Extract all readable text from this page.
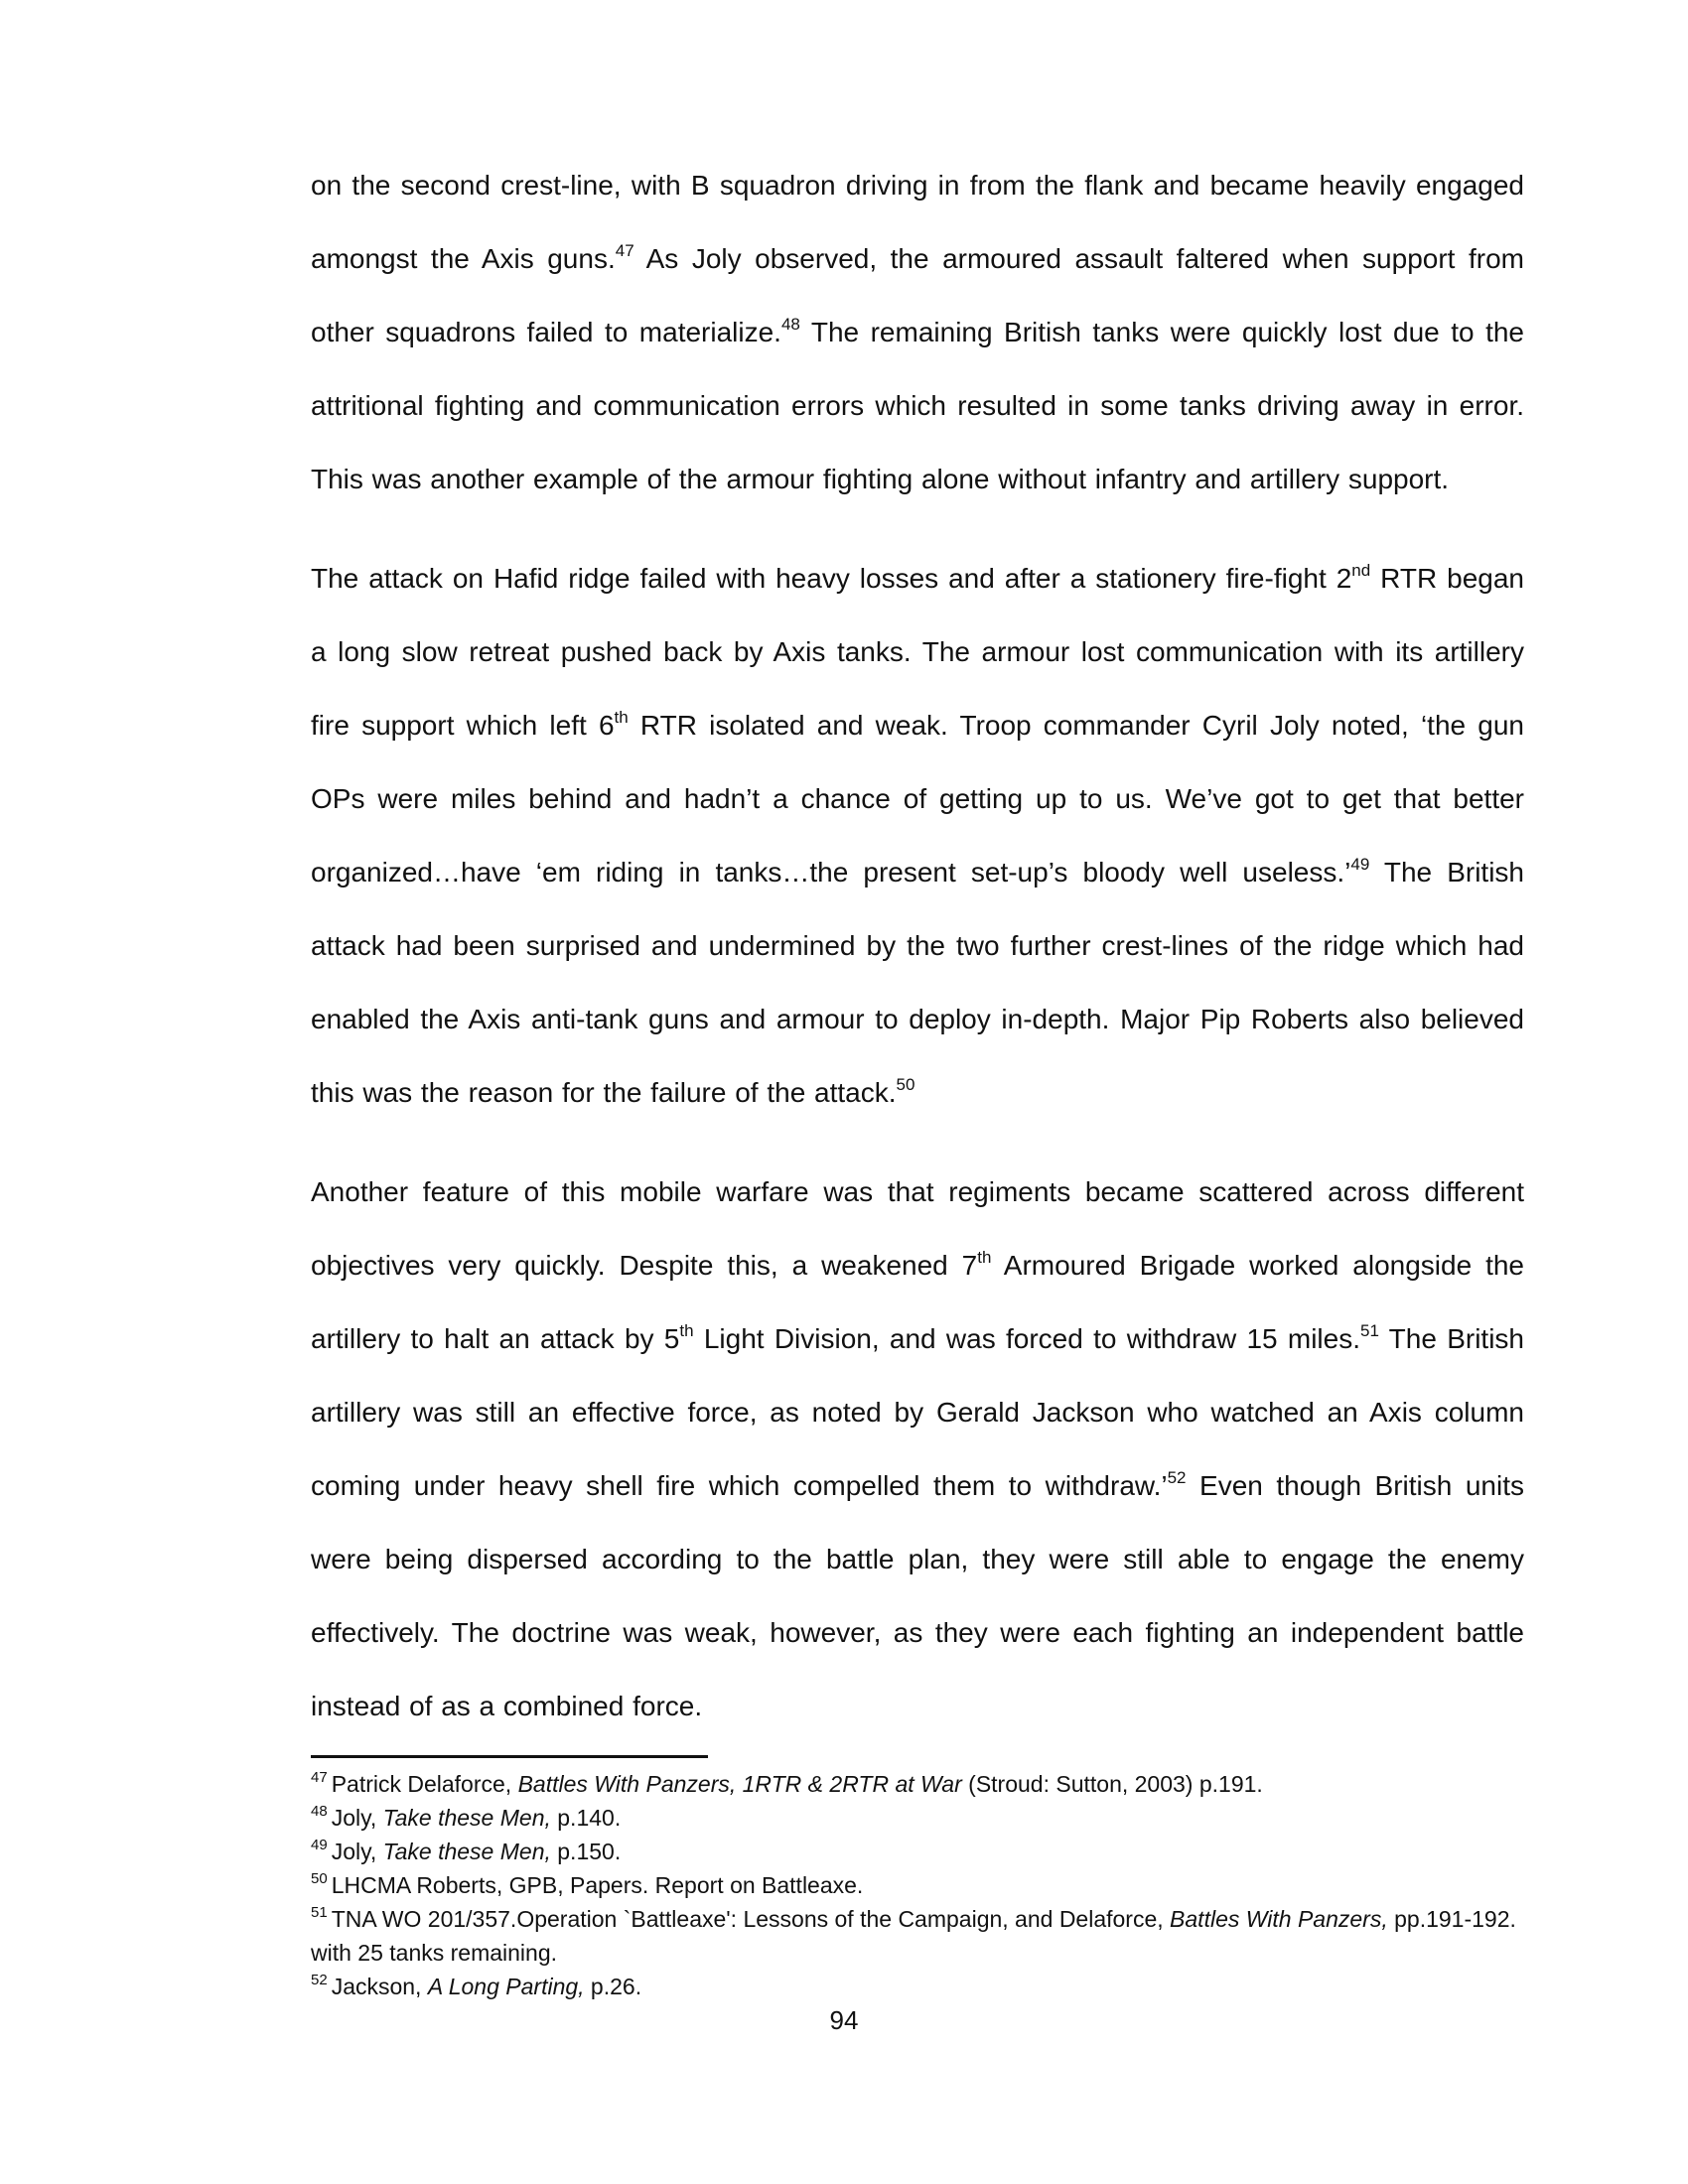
on the second crest-line, with B squadron driving in from the flank and became heavily engaged amongst the Axis guns.$^{47}$ As Joly observed, the armoured assault faltered when support from other squadrons failed to materialize.$^{48}$ The remaining British tanks were quickly lost due to the attritional fighting and communication errors which resulted in some tanks driving away in error. This was another example of the armour fighting alone without infantry and artillery support.

The attack on Hafid ridge failed with heavy losses and after a stationery fire-fight 2nd RTR began a long slow retreat pushed back by Axis tanks. The armour lost communication with its artillery fire support which left 6th RTR isolated and weak. Troop commander Cyril Joly noted, ‘the gun OPs were miles behind and hadn’t a chance of getting up to us. We’ve got to get that better organized…have ‘em riding in tanks…the present set-up’s bloody well useless.’$^{49}$ The British attack had been surprised and undermined by the two further crest-lines of the ridge which had enabled the Axis anti-tank guns and armour to deploy in-depth. Major Pip Roberts also believed this was the reason for the failure of the attack.$^{50}$

Another feature of this mobile warfare was that regiments became scattered across different objectives very quickly. Despite this, a weakened 7th Armoured Brigade worked alongside the artillery to halt an attack by 5th Light Division, and was forced to withdraw 15 miles.$^{51}$ The British artillery was still an effective force, as noted by Gerald Jackson who watched an Axis column coming under heavy shell fire which compelled them to withdraw.’$^{52}$ Even though British units were being dispersed according to the battle plan, they were still able to engage the enemy effectively. The doctrine was weak, however, as they were each fighting an independent battle instead of as a combined force.

$^{47}$ Patrick Delaforce, Battles With Panzers, 1RTR & 2RTR at War (Stroud: Sutton, 2003) p.191.

$^{48}$ Joly, Take these Men, p.140.

$^{49}$ Joly, Take these Men, p.150.

$^{50}$ LHCMA Roberts, GPB, Papers. Report on Battleaxe.

$^{51}$ TNA WO 201/357.Operation `Battleaxe': Lessons of the Campaign, and Delaforce, Battles With Panzers, pp.191-192. with 25 tanks remaining.

$^{52}$ Jackson, A Long Parting, p.26.

94
